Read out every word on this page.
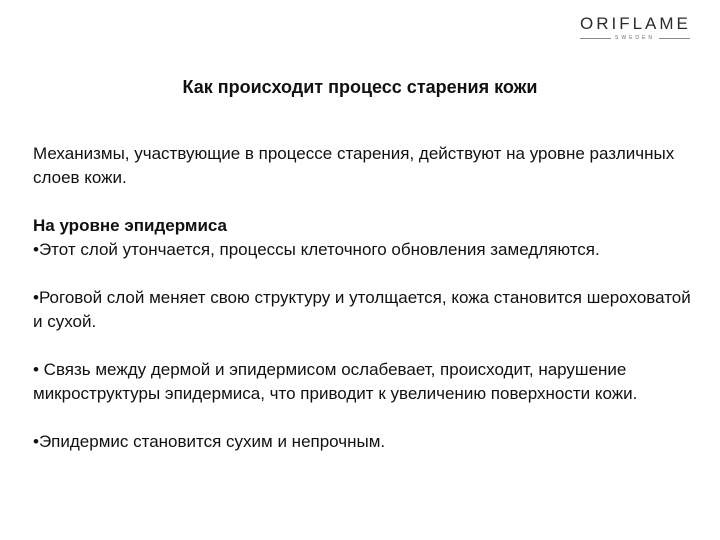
ORIFLAME
SWEDEN
Как происходит процесс старения кожи

Механизмы, участвующие в процессе старения, действуют на уровне различных слоев кожи.

На уровне эпидермиса

•Этот слой утончается, процессы клеточного обновления замедляются.

•Роговой слой меняет свою структуру и утолщается, кожа становится шероховатой и сухой.

• Связь между дермой и эпидермисом ослабевает, происходит, нарушение микроструктуры эпидермиса, что приводит к увеличению поверхности кожи.

•Эпидермис становится сухим и непрочным.
